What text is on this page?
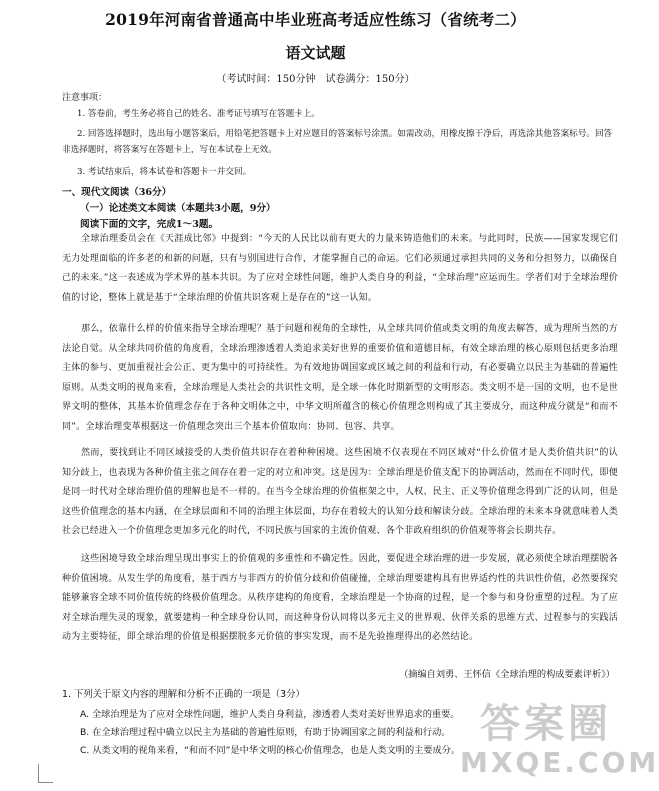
2019年河南省普通高中毕业班高考适应性练习（省统考二）
语文试题
（考试时间：150分钟　试卷满分：150分）
注意事项：
1. 答卷前，考生务必将自己的姓名、准考证号填写在答题卡上。
2. 回答选择题时，选出每小题答案后，用铅笔把答题卡上对应题目的答案标号涂黑。如需改动，用橡皮擦干净后，再选涂其他答案标号。回答非选择题时，将答案写在答题卡上，写在本试卷上无效。
3. 考试结束后，将本试卷和答题卡一并交回。
一、现代文阅读（36分）
（一）论述类文本阅读（本题共3小题，9分）
阅读下面的文字，完成1～3题。
全球治理委员会在《天涯成比邻》中提到：“今天的人民比以前有更大的力量来铸造他们的未来。与此同时，民族——国家发现它们无力处理面临的许多老的和新的问题，只有与别国进行合作，才能掌握自己的命运。它们必须通过承担共同的义务和分担努力，以确保自己的未来。”这一表述成为学术界的基本共识。为了应对全球性问题，维护人类自身的利益，“全球治理”应运而生。学者们对于全球治理价值的讨论，整体上就是基于“全球治理的价值共识客观上是存在的”这一认知。
那么，依靠什么样的价值来指导全球治理呢？基于问题和视角的全球性，从全球共同价值或类文明的角度去解答，成为理所当然的方法论自觉。从全球共同价值的角度看，全球治理渗透着人类追求美好世界的重要价值和道德目标，有效全球治理的核心原则包括更多治理主体的参与、更加重视社会公正、更为集中的可持续性。为有效地协调国家或区域之间的利益和行动，有必要确立以民主为基础的普遍性原则。从类文明的视角来看，全球治理是人类社会的共识性文明，是全球一体化时期新型的文明形态。类文明不是一国的文明，也不是世界文明的整体，其基本价值理念存在于各种文明体之中，中华文明所蕴含的核心价值理念则构成了其主要成分，而这种成分就是“和而不同”。全球治理变革根据这一价值理念突出三个基本价值取向：协同、包容、共享。
然而，要找到让不同区域接受的人类价值共识存在着种种困境。这些困境不仅表现在不同区域对“什么价值才是人类价值共识”的认知分歧上，也表现为各种价值主张之间存在着一定的对立和冲突。这是因为：全球治理是价值支配下的协调活动，然而在不同时代，即便是同一时代对全球治理价值的理解也是不一样的。在当今全球治理的价值框架之中，人权、民主、正义等价值理念得到广泛的认同，但是这些价值理念的基本内涵，在全球层面和不同的治理主体层面，均存在着较大的认知分歧和解读分歧。全球治理的未来本身就意味着人类社会已经进入一个价值理念更加多元化的时代，不同民族与国家的主流价值观、各个非政府组织的价值观等将会长期共存。
这些困境导致全球治理呈现出事实上的价值观的多重性和不确定性。因此，要促进全球治理的进一步发展，就必须使全球治理摆脱各种价值困境。从发生学的角度看，基于西方与非西方的价值分歧和价值碰撞，全球治理要建构具有世界适约性的共识性价值，必然要探究能够兼容全球不同价值传统的终极价值理念。从秩序建构的角度看，全球治理是一个协商的过程，是一个参与和身份重塑的过程。为了应对全球治理失灵的现象，就要建构一种全球身份认同，而这种身份认同将以多元主义的世界观、伙伴关系的思维方式、过程参与的实践活动为主要特征，即全球治理的价值是根据摆脱多元价值的事实发现，而不是先验推理得出的必然结论。
（摘编自刘勇、王怀信《全球治理的构成要素评析》）
1. 下列关于原文内容的理解和分析不正确的一项是（3分）
A. 全球治理是为了应对全球性问题，维护人类自身利益，渗透着人类对美好世界追求的重要。
B. 在全球治理过程中确立以民主为基础的普遍性原则，有助于协调国家之间的利益和行动。
C. 从类文明的视角来看，“和而不同”是中华文明的核心价值理念，也是人类文明的主要成分。
答案圈
MXQE.COM
